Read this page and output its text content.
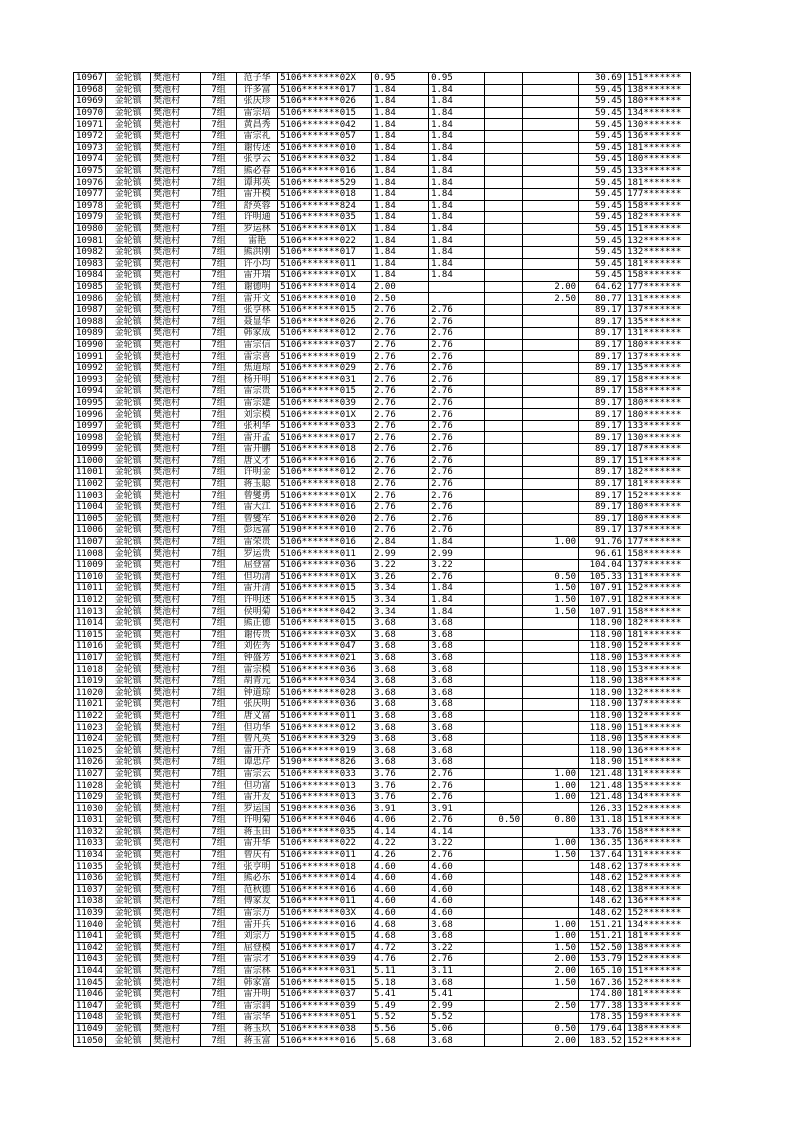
10967	金轮镇	樊池村	7组	范子华	5106*******02X	0.95	0.95			30.69	151*******
10968	金轮镇	樊池村	7组	许多富	5106*******017	1.84	1.84			59.45	138*******
10969	金轮镇	樊池村	7组	张庆珍	5106*******026	1.84	1.84			59.45	180*******
10970	金轮镇	樊池村	7组	雷宗培	5106*******015	1.84	1.84			59.45	134*******
10971	金轮镇	樊池村	7组	黄昌秀	5106*******042	1.84	1.84			59.45	130*******
10972	金轮镇	樊池村	7组	雷宗礼	5106*******057	1.84	1.84			59.45	136*******
10973	金轮镇	樊池村	7组	谢传述	5106*******010	1.84	1.84			59.45	181*******
10974	金轮镇	樊池村	7组	张亨云	5106*******032	1.84	1.84			59.45	180*******
10975	金轮镇	樊池村	7组	熊必春	5106*******016	1.84	1.84			59.45	133*******
10976	金轮镇	樊池村	7组	谭邦英	5106*******529	1.84	1.84			59.45	181*******
10977	金轮镇	樊池村	7组	雷开模	5106*******018	1.84	1.84			59.45	177*******
10978	金轮镇	樊池村	7组	舒英蓉	5106*******824	1.84	1.84			59.45	158*******
10979	金轮镇	樊池村	7组	许明通	5106*******035	1.84	1.84			59.45	182*******
10980	金轮镇	樊池村	7组	罗运林	5106*******01X	1.84	1.84			59.45	151*******
10981	金轮镇	樊池村	7组	雷艳	5106*******022	1.84	1.84			59.45	132*******
10982	金轮镇	樊池村	7组	熊洪刚	5106*******017	1.84	1.84			59.45	132*******
10983	金轮镇	樊池村	7组	许小均	5106*******011	1.84	1.84			59.45	181*******
10984	金轮镇	樊池村	7组	雷开瑞	5106*******01X	1.84	1.84			59.45	158*******
10985	金轮镇	樊池村	7组	谢德明	5106*******014	2.00			2.00	64.62	177*******
10986	金轮镇	樊池村	7组	雷开文	5106*******010	2.50			2.50	80.77	131*******
10987	金轮镇	樊池村	7组	张亨林	5106*******015	2.76	2.76			89.17	137*******
10988	金轮镇	樊池村	7组	聂显华	5106*******026	2.76	2.76			89.17	135*******
10989	金轮镇	樊池村	7组	韩家成	5106*******012	2.76	2.76			89.17	131*******
10990	金轮镇	樊池村	7组	雷宗信	5106*******037	2.76	2.76			89.17	180*******
10991	金轮镇	樊池村	7组	雷宗喜	5106*******019	2.76	2.76			89.17	137*******
10992	金轮镇	樊池村	7组	焦道琼	5106*******029	2.76	2.76			89.17	135*******
10993	金轮镇	樊池村	7组	杨开明	5106*******031	2.76	2.76			89.17	158*******
10994	金轮镇	樊池村	7组	雷宗贵	5106*******015	2.76	2.76			89.17	158*******
10995	金轮镇	樊池村	7组	雷宗建	5106*******039	2.76	2.76			89.17	180*******
10996	金轮镇	樊池村	7组	刘宗模	5106*******01X	2.76	2.76			89.17	180*******
10997	金轮镇	樊池村	7组	张利华	5106*******033	2.76	2.76			89.17	133*******
10998	金轮镇	樊池村	7组	雷开孟	5106*******017	2.76	2.76			89.17	130*******
10999	金轮镇	樊池村	7组	雷开鹏	5106*******018	2.76	2.76			89.17	187*******
11000	金轮镇	樊池村	7组	唐义才	5106*******016	2.76	2.76			89.17	151*******
11001	金轮镇	樊池村	7组	许明金	5106*******012	2.76	2.76			89.17	182*******
11002	金轮镇	樊池村	7组	蒋玉聪	5106*******018	2.76	2.76			89.17	181*******
11003	金轮镇	樊池村	7组	曾燮勇	5106*******01X	2.76	2.76			89.17	152*******
11004	金轮镇	樊池村	7组	雷大江	5106*******016	2.76	2.76			89.17	180*******
11005	金轮镇	樊池村	7组	曾燮军	5106*******020	2.76	2.76			89.17	180*******
11006	金轮镇	樊池村	7组	彭远富	5190*******010	2.76	2.76			89.17	137*******
11007	金轮镇	樊池村	7组	雷荣贵	5106*******016	2.84	1.84		1.00	91.76	177*******
11008	金轮镇	樊池村	7组	罗运贵	5106*******011	2.99	2.99			96.61	158*******
11009	金轮镇	樊池村	7组	屈登富	5106*******036	3.22	3.22			104.04	137*******
11010	金轮镇	樊池村	7组	但功清	5106*******01X	3.26	2.76		0.50	105.33	131*******
11011	金轮镇	樊池村	7组	雷开清	5106*******015	3.34	1.84		1.50	107.91	152*******
11012	金轮镇	樊池村	7组	许明述	5106*******015	3.34	1.84		1.50	107.91	182*******
11013	金轮镇	樊池村	7组	侯明菊	5106*******042	3.34	1.84		1.50	107.91	158*******
11014	金轮镇	樊池村	7组	熊正德	5106*******015	3.68	3.68			118.90	182*******
11015	金轮镇	樊池村	7组	谢传贵	5106*******03X	3.68	3.68			118.90	181*******
11016	金轮镇	樊池村	7组	刘佐秀	5106*******047	3.68	3.68			118.90	152*******
11017	金轮镇	樊池村	7组	钟盛芳	5106*******021	3.68	3.68			118.90	153*******
11018	金轮镇	樊池村	7组	雷宗模	5106*******036	3.68	3.68			118.90	153*******
11019	金轮镇	樊池村	7组	胡青元	5106*******034	3.68	3.68			118.90	138*******
11020	金轮镇	樊池村	7组	钟道琼	5106*******028	3.68	3.68			118.90	132*******
11021	金轮镇	樊池村	7组	张庆明	5106*******036	3.68	3.68			118.90	137*******
11022	金轮镇	樊池村	7组	唐义富	5106*******011	3.68	3.68			118.90	132*******
11023	金轮镇	樊池村	7组	但功华	5106*******012	3.68	3.68			118.90	151*******
11024	金轮镇	樊池村	7组	曾凡英	5106*******329	3.68	3.68			118.90	135*******
11025	金轮镇	樊池村	7组	雷开齐	5106*******019	3.68	3.68			118.90	136*******
11026	金轮镇	樊池村	7组	谭忠芹	5190*******826	3.68	3.68			118.90	151*******
11027	金轮镇	樊池村	7组	雷宗云	5106*******033	3.76	2.76		1.00	121.48	131*******
11028	金轮镇	樊池村	7组	但功富	5106*******013	3.76	2.76		1.00	121.48	135*******
11029	金轮镇	樊池村	7组	雷开友	5106*******013	3.76	2.76		1.00	121.48	134*******
11030	金轮镇	樊池村	7组	罗运国	5190*******036	3.91	3.91			126.33	152*******
11031	金轮镇	樊池村	7组	许明菊	5106*******046	4.06	2.76	0.50	0.80	131.18	151*******
11032	金轮镇	樊池村	7组	蒋玉田	5106*******035	4.14	4.14			133.76	158*******
11033	金轮镇	樊池村	7组	雷开华	5106*******022	4.22	3.22		1.00	136.35	136*******
11034	金轮镇	樊池村	7组	曾庆有	5106*******011	4.26	2.76		1.50	137.64	131*******
11035	金轮镇	樊池村	7组	张亨明	5106*******018	4.60	4.60			148.62	137*******
11036	金轮镇	樊池村	7组	熊必东	5106*******014	4.60	4.60			148.62	152*******
11037	金轮镇	樊池村	7组	范秋德	5106*******016	4.60	4.60			148.62	138*******
11038	金轮镇	樊池村	7组	傅家友	5106*******011	4.60	4.60			148.62	136*******
11039	金轮镇	樊池村	7组	雷宗万	5106*******03X	4.60	4.60			148.62	152*******
11040	金轮镇	樊池村	7组	雷开兵	5106*******016	4.68	3.68		1.00	151.21	134*******
11041	金轮镇	樊池村	7组	刘宗万	5190*******015	4.68	3.68		1.00	151.21	181*******
11042	金轮镇	樊池村	7组	屈登模	5106*******017	4.72	3.22		1.50	152.50	138*******
11043	金轮镇	樊池村	7组	雷宗才	5106*******039	4.76	2.76		2.00	153.79	152*******
11044	金轮镇	樊池村	7组	雷宗林	5106*******031	5.11	3.11		2.00	165.10	151*******
11045	金轮镇	樊池村	7组	韩家富	5106*******015	5.18	3.68		1.50	167.36	152*******
11046	金轮镇	樊池村	7组	雷开明	5106*******037	5.41	5.41			174.80	181*******
11047	金轮镇	樊池村	7组	雷宗润	5106*******039	5.49	2.99		2.50	177.38	133*******
11048	金轮镇	樊池村	7组	雷宗华	5106*******051	5.52	5.52			178.35	159*******
11049	金轮镇	樊池村	7组	蒋玉玖	5106*******038	5.56	5.06		0.50	179.64	138*******
11050	金轮镇	樊池村	7组	蒋玉富	5106*******016	5.68	3.68		2.00	183.52	152*******
